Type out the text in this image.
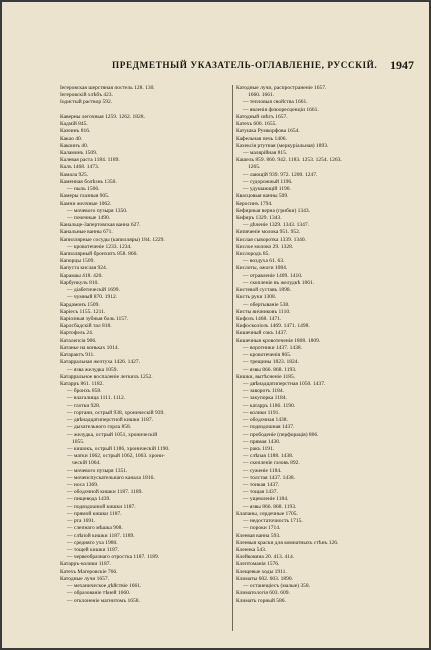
ПРЕДМЕТНЫЙ УКАЗАТЕЛЬ-ОГЛАВЛЕНІЕ, РУССКІЙ. 1947
Іегеровская шерстяная постель 128. 130.
Іегеровскій хлѣбъ 423.
Іодистый раствор 592.
Каверны легочныя 1259. 1262. 1828.
Кадмiй 845.
Казеинъ 816.
Какао 40.
Какоинъ 40.
Каламинъ 1509.
Калевая раста 1184. 1189.
Калъ 1468. 1473.
Камала 925.
Каменная болѣзнь 1350.
— пыль 1506.
Камеры глазныя 905.
Камни желчные 1062.
— мочевого пузыря 1350.
— почечные 1490.
Канальце-Запертовская ванна 627.
Канальные ванны 671.
Капиллярные сосуды (капилляры) 184. 1229.
— кровотеченiе 1233. 1234.
Капиллярный бронхитъ 858. 860.
Капорцы 1509.
Капуста кислая 924.
Карамаы 418. 420.
Карбункулъ 810.
— дiабетическiй 1699.
— чумный 870. 1912.
Кардамонъ 1509.
Карiесъ 1155. 1211.
Карiозныя зубныя боль 1157.
Карлсбадскiй тал 818.
Картофель 24.
Каталепсiя 906.
Катанье на коньках 1014.
Катарактъ 911.
Катарральная желтуха 1426. 1427.
— язва желудка 1059.
Катарральное воспаленiе легкихъ 1252.
Катарръ 861. 1182.
— бронхъ 858.
— влагалища 1111. 1112.
— глотки 928.
— гортани, острый 938, хроническiй 939.
— двѣнадцатиперстной кишки 1187.
— дыхательного горла 858.
— желудка, острый 1051, хроническiй
1055.
— кишокъ, острый 1186, хроническiй 1190.
— матки 1062, острый 1062, 1063. хрони-
ческiй 1064.
— мочевого пузыря 1351.
— мочеиспускательнаго канала 1816.
— носа 1369.
— ободочной кишки 1187. 1189.
— пищевода 1439.
— подвздошной кишки 1187.
— прямой кишки 1187.
— рта 1691.
— слепнаго мѣшка 908.
— слѣпой кишки 1187. 1189.
— средняго уха 1980.
— тощей кишки 1187.
— червеобразнаго отростка 1187. 1189.
Катарръ-колики 1187.
Катехъ Магеровскiе 766.
Катодные лучи 1657.
— механическое дѣйствiе 1661.
— образованiе тѣней 1660.
— отклоненiе магнитомъ 1658.
Катодные лучи, распространенiе 1657.
1660. 1661.
— тепловыя свойства 1661.
— явленiя флюоресценцiи 1661.
Катодный свѣтъ 1657.
Катехъ 606. 1655.
Катушка Румкорфова 1654.
Кафельная печь 1406.
Кахексiя ртутная (меркурiальная) 1893.
— малярiйная 815.
Кашель 859. 860. 942. 1183. 1253. 1254. 1263.
1265.
— лающiй 939. 972. 1200. 1247.
— судорожный 1196.
— удушающiй 1190.
Квасцовыя ванны 509.
Керосинъ 1794.
Кефирныя верна (грибки) 1343.
Кефиръ 1329. 1343.
— дѣченiе 1329. 1343. 1347.
Кипяченiе молока 951. 952.
Кислая сыворотка 1339. 1340.
Кислое молоко 29. 1328.
Кислородъ 85.
— воздуха 61. 63.
Кислоты, ожоги 1084.
— отравленiе 1409. 1410.
— скопленiе въ желудкѣ 1061.
Кистевой суставъ 1898.
Кисть руки 1308.
— обертыванiе 538.
Кисты яичниковъ 1110.
Кифозъ 1468. 1471.
Кифосколiозъ 1469. 1471. 1498.
Кишечный сокъ 1437.
Кишечныя кровотеченiя 1808. 1809.
— воротники 1437. 1438.
— кровотеченiя 865.
— трещины 1823. 1824.
— язвы 866. 868. 1193.
Кишки, вытѣсненiе 1185.
— двѣнадцатиперстная 1050. 1437.
— заворотъ 1184.
— закупорка 1184.
— катарръ 1186. 1190.
— колики 1191.
— ободочная 1438.
— подвздошная 1437.
— прободенiе (перфорацiя) 866.
— прямая 1438.
— ракъ 1191.
— слѣпая 1188. 1438.
— скопленiе газовъ 892.
— суженiе 1184.
— толстая 1437. 1438.
— тонкая 1437.
— тощая 1437.
— ущемленiе 1184.
— язвы 866. 868. 1193.
Клапаны, сердечные 1705.
— недостаточность 1715.
— пороки 1714.
Клеевая ванна 593.
Клеевыя краски для комнатныхъ стѣнъ 126.
Клеенка 543.
Клейковина 20. 413. 414.
Клептоманiя 1576.
Клещевые ходы 1911.
Климаты 602. 603. 1890.
— остаиещiесъ (малые) 358.
Климатологiя 603. 609.
Климатъ горный 586.
